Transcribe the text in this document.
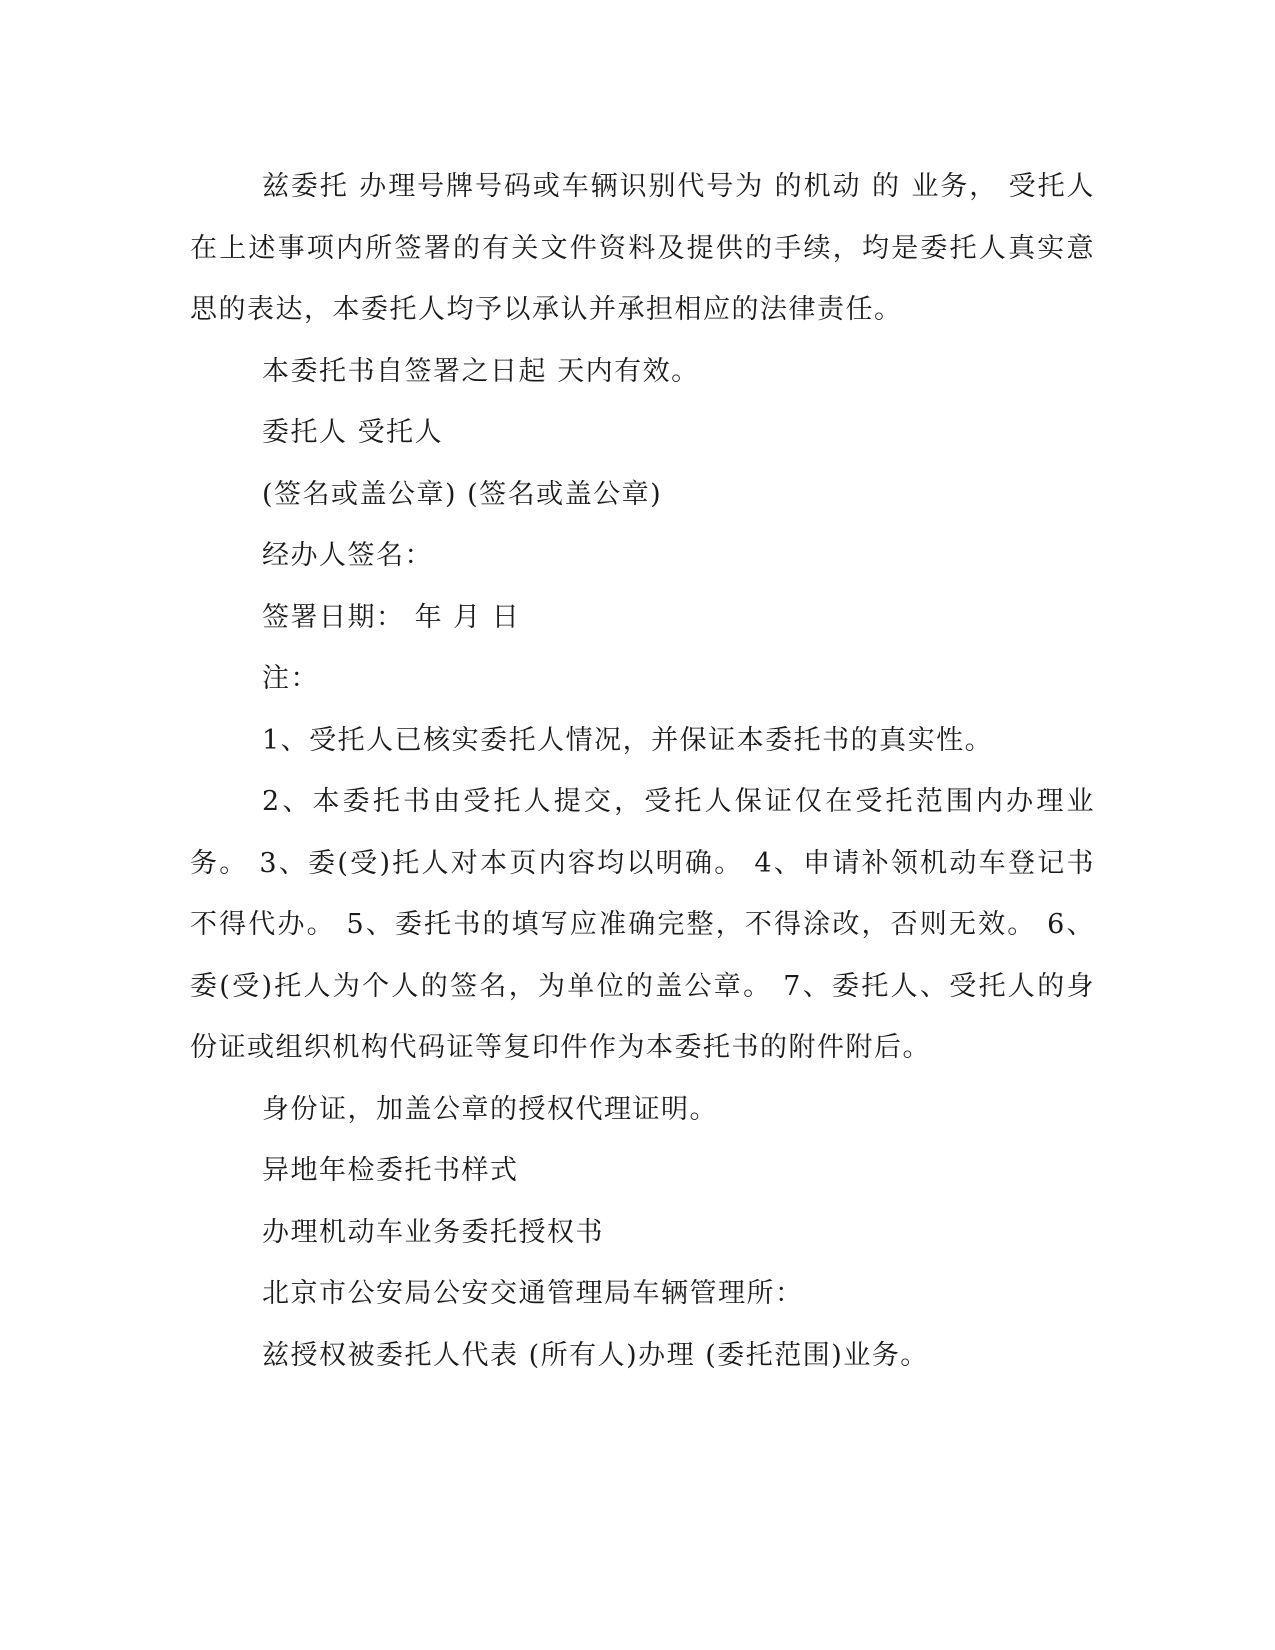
兹委托 办理号牌号码或车辆识别代号为 的机动 的 业务， 受托人在上述事项内所签署的有关文件资料及提供的手续，均是委托人真实意思的表达，本委托人均予以承认并承担相应的法律责任。

本委托书自签署之日起 天内有效。

委托人 受托人

(签名或盖公章) (签名或盖公章)

经办人签名：

签署日期： 年 月 日

注：

1、受托人已核实委托人情况，并保证本委托书的真实性。

2、本委托书由受托人提交，受托人保证仅在受托范围内办理业务。 3、委(受)托人对本页内容均以明确。 4、申请补领机动车登记书不得代办。 5、委托书的填写应准确完整，不得涂改，否则无效。 6、委(受)托人为个人的签名，为单位的盖公章。 7、委托人、受托人的身份证或组织机构代码证等复印件作为本委托书的附件附后。

身份证，加盖公章的授权代理证明。

异地年检委托书样式

办理机动车业务委托授权书

北京市公安局公安交通管理局车辆管理所：

兹授权被委托人代表 (所有人)办理 (委托范围)业务。
